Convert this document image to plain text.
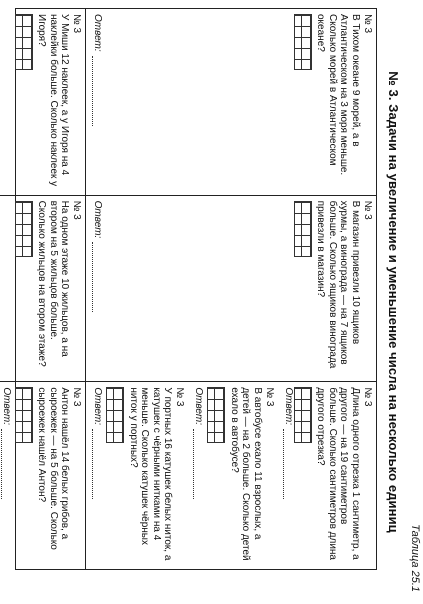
Таблица 25.1
№ 3. Задачи на увеличение и уменьшение числа на несколько единиц
№ 3
В Тихом океане 9 морей, а в Атлантическом на 3 моря меньше. Сколько морей в Атлантическом океане?
Ответ:
№ 3
У Миши 12 наклеек, а у Игоря на 4 наклейки больше. Сколько наклеек у Игоря?
№ 3
В магазин привезли 10 ящиков хурмы, а винограда — на 7 ящиков больше. Сколько ящиков винограда привезли в магазин?
Ответ:
№ 3
На одном этаже 10 жильцов, а на втором на 5 жильцов больше. Сколько жильцов на втором этаже?
№ 3
Длина одного отрезка 1 сантиметр, а другого — на 19 сантиметров больше. Сколько сантиметров длина другого отрезка?
Ответ:
№ 3
В автобусе ехало 11 взрослых, а детей — на 2 больше. Сколько детей ехало в автобусе?
Ответ:
№ 3
У портных 16 катушек белых ниток, а катушек с чёрными нитками на 4 меньше. Сколько катушек чёрных ниток у портных?
Ответ:
№ 3
Антон нашёл 14 белых грибов, а сыроежек — на 5 больше. Сколько сыроежек нашёл Антон?
Ответ:
